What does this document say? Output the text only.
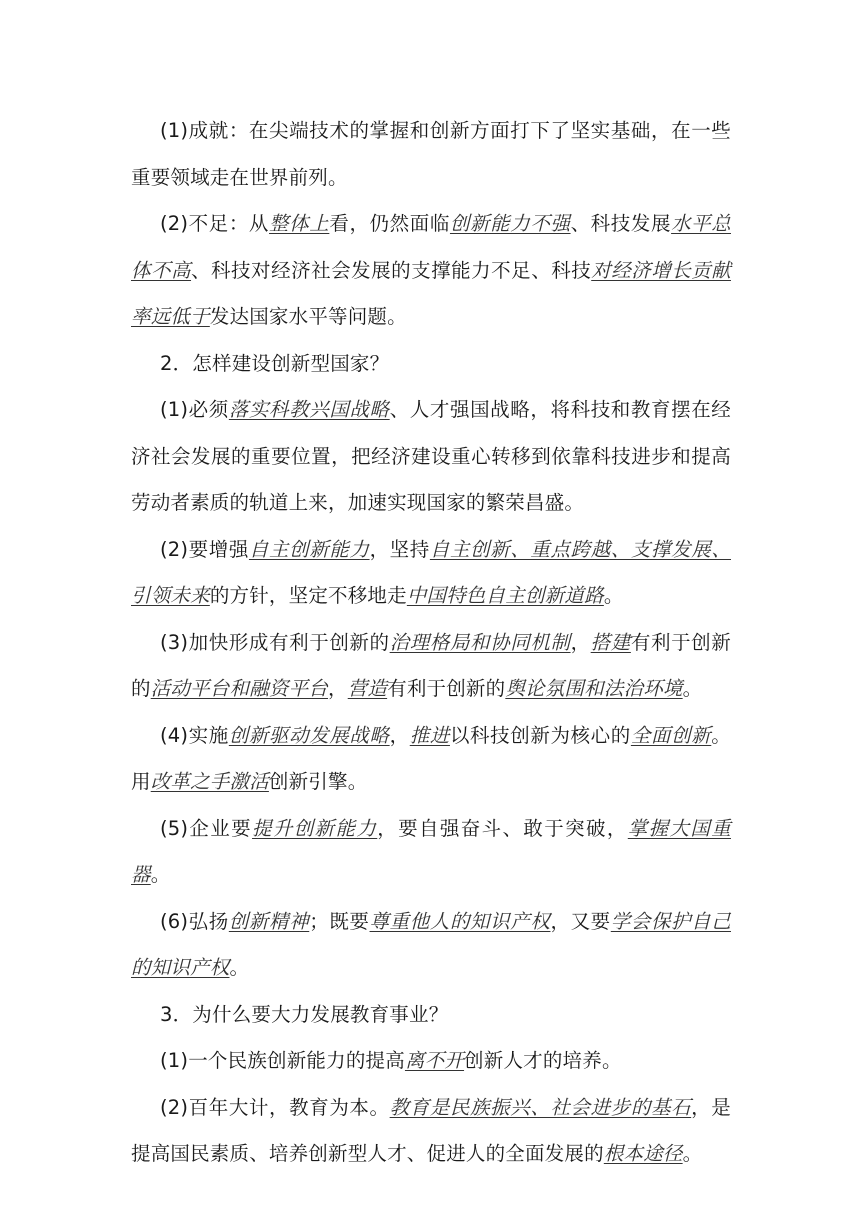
(1)成就：在尖端技术的掌握和创新方面打下了坚实基础，在一些重要领域走在世界前列。

(2)不足：从整体上看，仍然面临创新能力不强、科技发展水平总体不高、科技对经济社会发展的支撑能力不足、科技对经济增长贡献率远低于发达国家水平等问题。

2．怎样建设创新型国家？

(1)必须落实科教兴国战略、人才强国战略，将科技和教育摆在经济社会发展的重要位置，把经济建设重心转移到依靠科技进步和提高劳动者素质的轨道上来，加速实现国家的繁荣昌盛。

(2)要增强自主创新能力，坚持自主创新、重点跨越、支撑发展、引领未来的方针，坚定不移地走中国特色自主创新道路。

(3)加快形成有利于创新的治理格局和协同机制，搭建有利于创新的活动平台和融资平台，营造有利于创新的舆论氛围和法治环境。

(4)实施创新驱动发展战略，推进以科技创新为核心的全面创新。用改革之手激活创新引擎。

(5)企业要提升创新能力，要自强奋斗、敢于突破，掌握大国重器。

(6)弘扬创新精神；既要尊重他人的知识产权，又要学会保护自己的知识产权。

3．为什么要大力发展教育事业？

(1)一个民族创新能力的提高离不开创新人才的培养。

(2)百年大计，教育为本。教育是民族振兴、社会进步的基石，是提高国民素质、培养创新型人才、促进人的全面发展的根本途径。
